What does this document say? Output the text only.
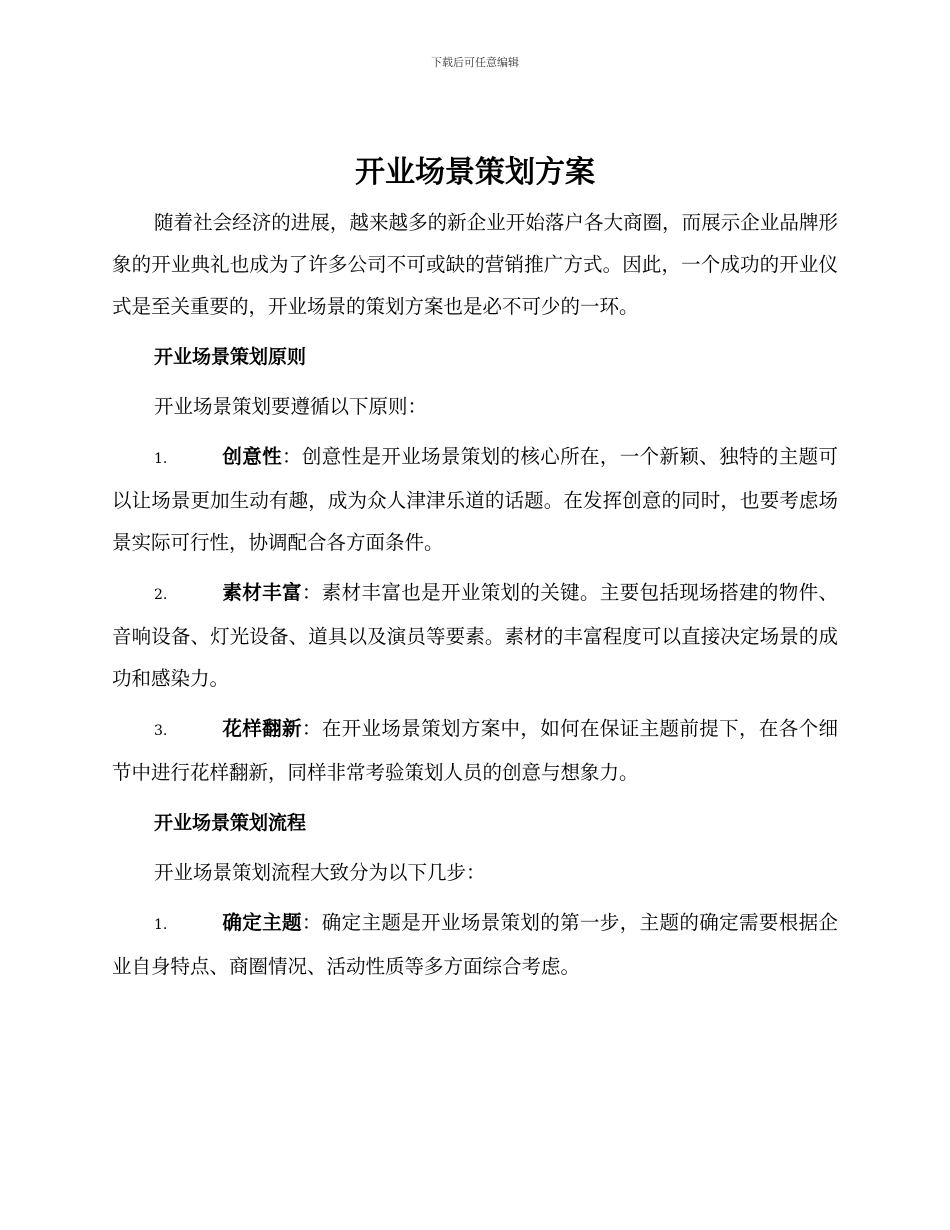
下载后可任意编辑
开业场景策划方案

随着社会经济的进展，越来越多的新企业开始落户各大商圈，而展示企业品牌形象的开业典礼也成为了许多公司不可或缺的营销推广方式。因此，一个成功的开业仪式是至关重要的，开业场景的策划方案也是必不可少的一环。

开业场景策划原则

开业场景策划要遵循以下原则：

1.	创意性：创意性是开业场景策划的核心所在，一个新颖、独特的主题可以让场景更加生动有趣，成为众人津津乐道的话题。在发挥创意的同时，也要考虑场景实际可行性，协调配合各方面条件。

2.	素材丰富：素材丰富也是开业策划的关键。主要包括现场搭建的物件、音响设备、灯光设备、道具以及演员等要素。素材的丰富程度可以直接决定场景的成功和感染力。

3.	花样翻新：在开业场景策划方案中，如何在保证主题前提下，在各个细节中进行花样翻新，同样非常考验策划人员的创意与想象力。

开业场景策划流程

开业场景策划流程大致分为以下几步：

1.	确定主题：确定主题是开业场景策划的第一步，主题的确定需要根据企业自身特点、商圈情况、活动性质等多方面综合考虑。
